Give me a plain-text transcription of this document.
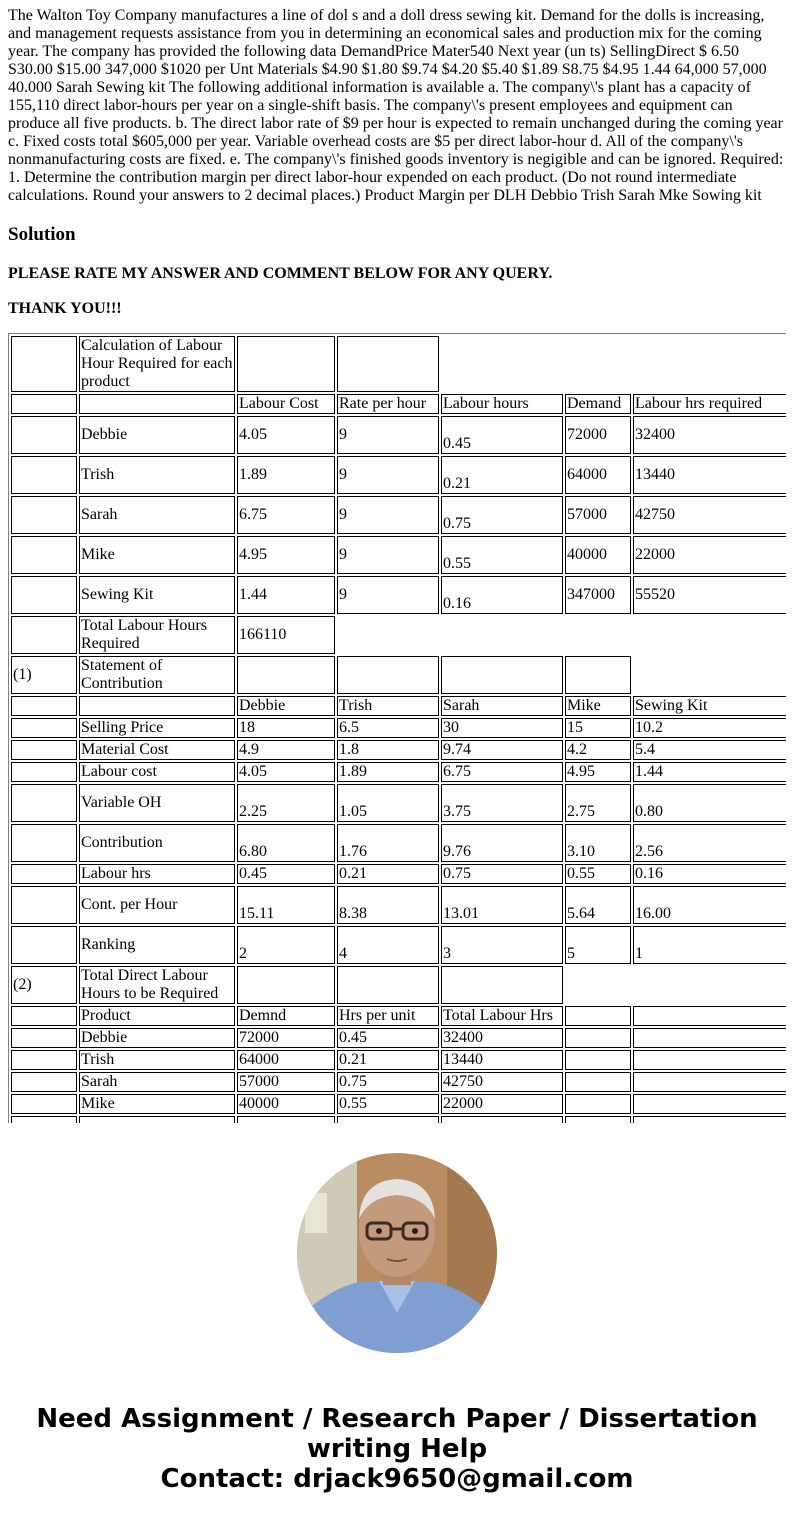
The Walton Toy Company manufactures a line of dol s and a doll dress sewing kit. Demand for the dolls is increasing, and management requests assistance from you in determining an economical sales and production mix for the coming year. The company has provided the following data DemandPrice Mater540 Next year (un ts) SellingDirect $ 6.50 S30.00 $15.00 347,000 $1020 per Unt Materials $4.90 $1.80 $9.74 $4.20 $5.40 $1.89 S8.75 $4.95 1.44 64,000 57,000 40.000 Sarah Sewing kit The following additional information is available a. The company\'s plant has a capacity of 155,110 direct labor-hours per year on a single-shift basis. The company\'s present employees and equipment can produce all five products. b. The direct labor rate of $9 per hour is expected to remain unchanged during the coming year c. Fixed costs total $605,000 per year. Variable overhead costs are $5 per direct labor-hour d. All of the company\'s nonmanufacturing costs are fixed. e. The company\'s finished goods inventory is negigible and can be ignored. Required: 1. Determine the contribution margin per direct labor-hour expended on each product. (Do not round intermediate calculations. Round your answers to 2 decimal places.) Product Margin per DLH Debbio Trish Sarah Mke Sowing kit

Solution

PLEASE RATE MY ANSWER AND COMMENT BELOW FOR ANY QUERY.

THANK YOU!!!

	Calculation of Labour Hour Required for each product					
		Labour Cost	Rate per hour	Labour hours	Demand	Labour hrs required
	Debbie	4.05	9	0.45	72000	32400
	Trish	1.89	9	0.21	64000	13440
	Sarah	6.75	9	0.75	57000	42750
	Mike	4.95	9	0.55	40000	22000
	Sewing Kit	1.44	9	0.16	347000	55520
	Total Labour Hours Required	166110				
(1)	Statement of Contribution					
		Debbie	Trish	Sarah	Mike	Sewing Kit
	Selling Price	18	6.5	30	15	10.2
	Material Cost	4.9	1.8	9.74	4.2	5.4
	Labour cost	4.05	1.89	6.75	4.95	1.44
	Variable OH	2.25	1.05	3.75	2.75	0.80
	Contribution	6.80	1.76	9.76	3.10	2.56
	Labour hrs	0.45	0.21	0.75	0.55	0.16
	Cont. per Hour	15.11	8.38	13.01	5.64	16.00
	Ranking	2	4	3	5	1
(2)	Total Direct Labour Hours to be Required					
	Product	Demnd	Hrs per unit	Total Labour Hrs		
	Debbie	72000	0.45	32400		
	Trish	64000	0.21	13440		
	Sarah	57000	0.75	42750		
	Mike	40000	0.55	22000		

Need Assignment / Research Paper / Dissertation
writing Help
Contact: drjack9650@gmail.com
